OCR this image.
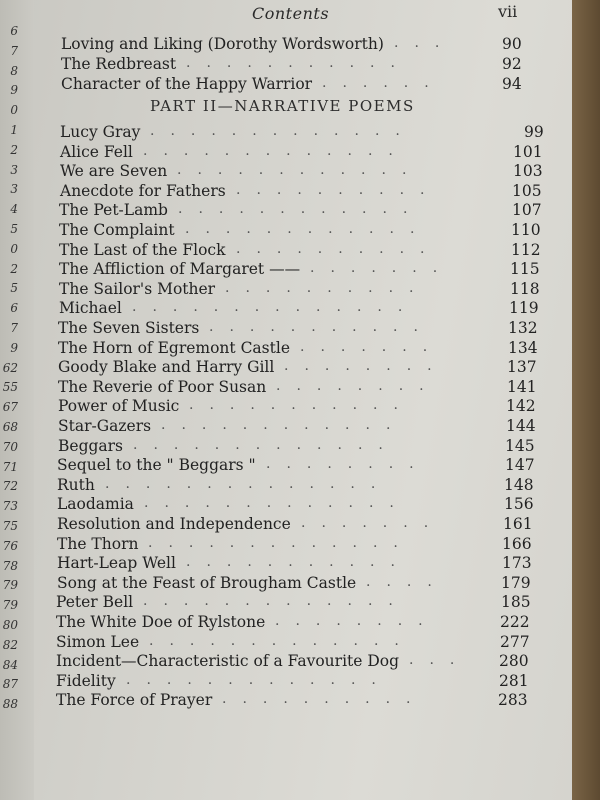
6
7
8
9
0
1
2
3
3
4
5
0
2
5
6
7
9
62
55
67
68
70
71
72
73
75
76
78
79
79
80
82
84
87
88
Contents	vii
PART II—NARRATIVE POEMS
Loving and Liking (Dorothy Wordsworth)	90
...
The Redbreast	92
...........
Character of the Happy Warrior	94
......
Lucy Gray	99
.............
Alice Fell	101
.............
We are Seven	103
............
Anecdote for Fathers	105
..........
The Pet-Lamb	107
............
The Complaint	110
............
The Last of the Flock	112
..........
The Affliction of Margaret ——	115
.......
The Sailor's Mother	118
..........
Michael	119
..............
The Seven Sisters	132
...........
The Horn of Egremont Castle	134
.......
Goody Blake and Harry Gill	137
........
The Reverie of Poor Susan	141
........
Power of Music	142
...........
Star-Gazers	144
............
Beggars	145
.............
Sequel to the " Beggars "	147
........
Ruth	148
..............
Laodamia	156
.............
Resolution and Independence	161
.......
The Thorn	166
.............
Hart-Leap Well	173
...........
Song at the Feast of Brougham Castle	179
....
Peter Bell	185
.............
The White Doe of Rylstone	222
........
Simon Lee	277
.............
Incident—Characteristic of a Favourite Dog	280
...
Fidelity	281
.............
The Force of Prayer	283
..........
